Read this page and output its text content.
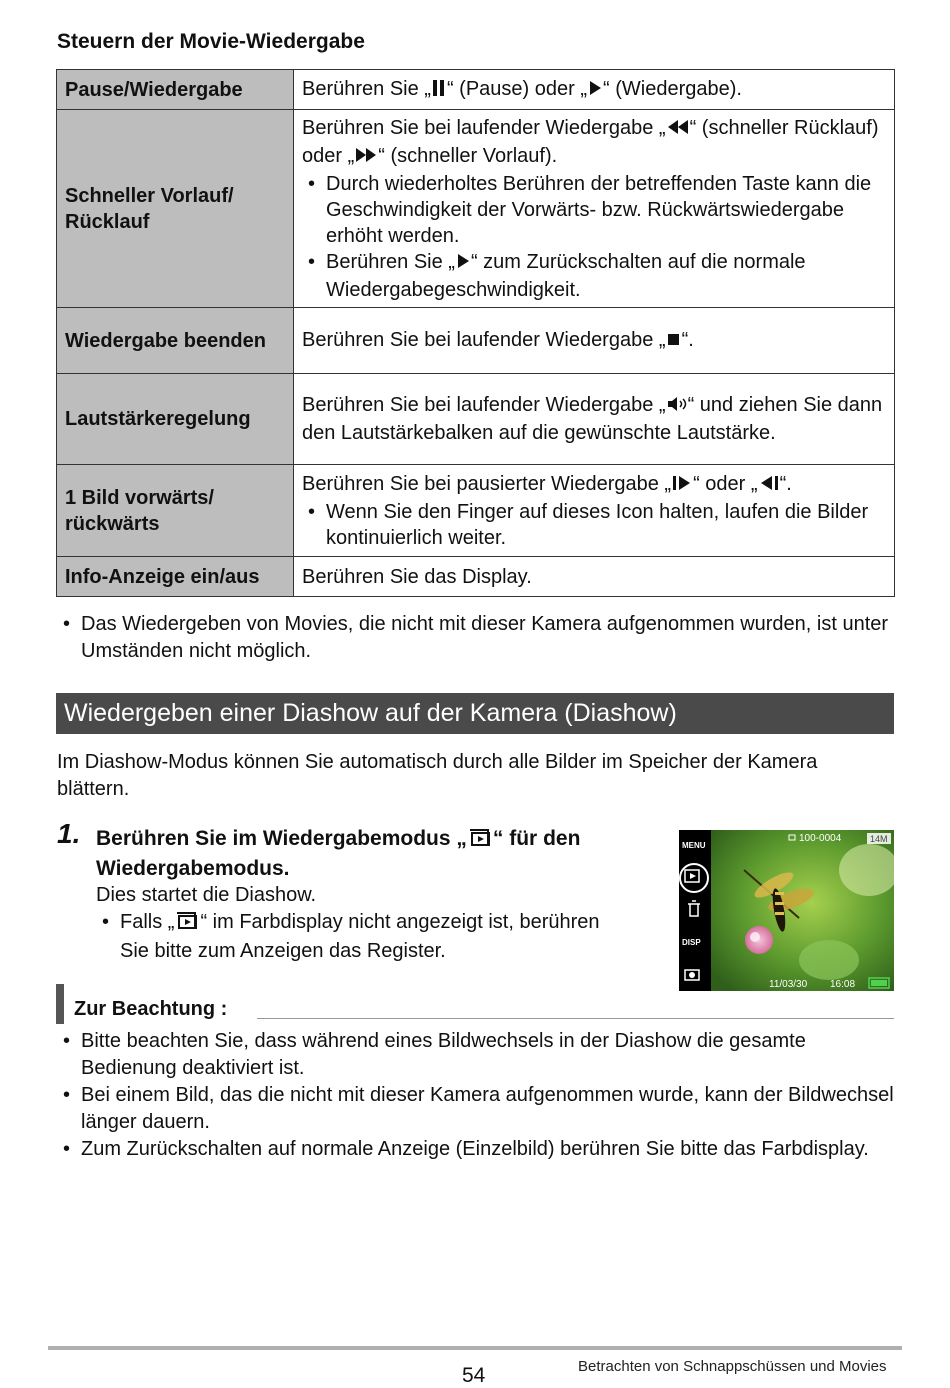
Steuern der Movie-Wiedergabe
Pause/Wiedergabe	Berühren Sie „ “ (Pause) oder „ “ (Wiedergabe).

Schneller Vorlauf/ Rücklauf	Berühren Sie bei laufender Wiedergabe „ “ (schneller Rücklauf) oder „ “ (schneller Vorlauf).
• Durch wiederholtes Berühren der betreffenden Taste kann die Geschwindigkeit der Vorwärts- bzw. Rückwärtswiedergabe erhöht werden.
• Berühren Sie „ “ zum Zurückschalten auf die normale Wiedergabegeschwindigkeit.

Wiedergabe beenden	Berühren Sie bei laufender Wiedergabe „ “.

Lautstärkeregelung	Berühren Sie bei laufender Wiedergabe „ “ und ziehen Sie dann den Lautstärkebalken auf die gewünschte Lautstärke.

1 Bild vorwärts/ rückwärts	Berühren Sie bei pausierter Wiedergabe „ “ oder „ “.
• Wenn Sie den Finger auf dieses Icon halten, laufen die Bilder kontinuierlich weiter.

Info-Anzeige ein/aus	Berühren Sie das Display.
• Das Wiedergeben von Movies, die nicht mit dieser Kamera aufgenommen wurden, ist unter Umständen nicht möglich.
Wiedergeben einer Diashow auf der Kamera (Diashow)
Im Diashow-Modus können Sie automatisch durch alle Bilder im Speicher der Kamera blättern.
1. Berühren Sie im Wiedergabemodus „ “ für den Wiedergabemodus.
Dies startet die Diashow.
• Falls „ “ im Farbdisplay nicht angezeigt ist, berühren Sie bitte zum Anzeigen das Register.
MENU
DISP
100-0004	14M
11/03/30 16:08
Zur Beachtung :
• Bitte beachten Sie, dass während eines Bildwechsels in der Diashow die gesamte Bedienung deaktiviert ist.
• Bei einem Bild, das die nicht mit dieser Kamera aufgenommen wurde, kann der Bildwechsel länger dauern.
• Zum Zurückschalten auf normale Anzeige (Einzelbild) berühren Sie bitte das Farbdisplay.
54	Betrachten von Schnappschüssen und Movies
